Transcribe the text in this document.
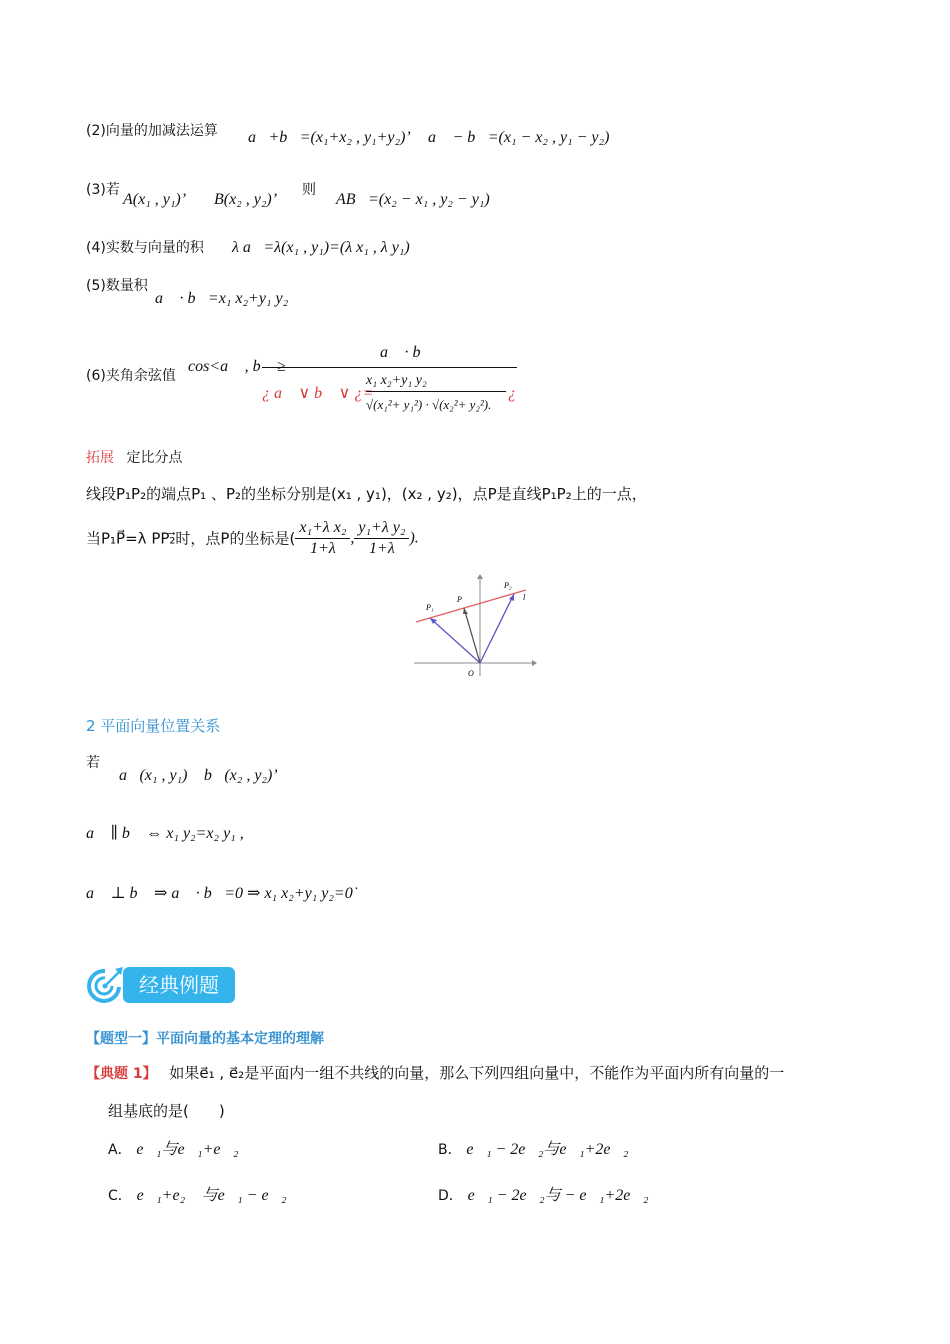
(2)向量的加减法运算 a⃗+b⃗=(x₁+x₂ , y₁+y₂)’ a⃗ − b⃗=(x₁ − x₂ , y₁ − y₂)
(3)若
A(x₁ , y₁)’ B(x₂ , y₂)’
则
AB⃗=(x₂ − x₁ , y₂ − y₁)
(4)实数与向量的积 λ a⃗=λ(x₁ , y₁)=(λ x₁ , λ y₁)
(5)数量积
a⃗ · b⃗=x₁ x₂+y₁ y₂
(6)夹角余弦值
cos<a⃗ , b⃗ ≥
a⃗ · b⃗
¿ a⃗ ∨ b⃗ ∨ ¿=
x₁ x₂+y₁ y₂
√(x₁²+ y₁²) · √(x₂²+ y₂²).
¿
拓展 定比分点
线段P₁P₂的端点P₁ 、P₂的坐标分别是(x₁ , y₁)，(x₂ , y₂)，点P是直线P₁P₂上的一点，
当P₁P⃗=λ PP₂⃗时，点P的坐标是( $\frac{\text{x₁+λ x₂}}{1+\lambda}$ , $\frac{\text{y₁+λ y₂}}{1+\lambda}$ ).
P₁
P
P₂
l
O
2 平面向量位置关系
若
a⃗(x₁ , y₁) ，b⃗(x₂ , y₂)’
a⃗ ∥ b⃗ ⇔ x₁ y₂=x₂ y₁ ,
a⃗ ⊥ b⃗ ⇒ a⃗ · b⃗=0 ⇒ x₁ x₂+y₁ y₂=0˙
经典例题
【题型一】平面向量的基本定理的理解
【典题 1】 如果e⃗₁ , e⃗₂是平面内一组不共线的向量，那么下列四组向量中，不能作为平面内所有向量的一
组基底的是(　　)
A． e⃗₁与e⃗₁+e⃗₂	B． e⃗₁ − 2e⃗₂与e⃗₁+2e⃗₂
C． e⃗₁+e₂⃗ 与e⃗₁ − e⃗₂	D． e⃗₁ − 2e⃗₂与 − e⃗₁+2e⃗₂
